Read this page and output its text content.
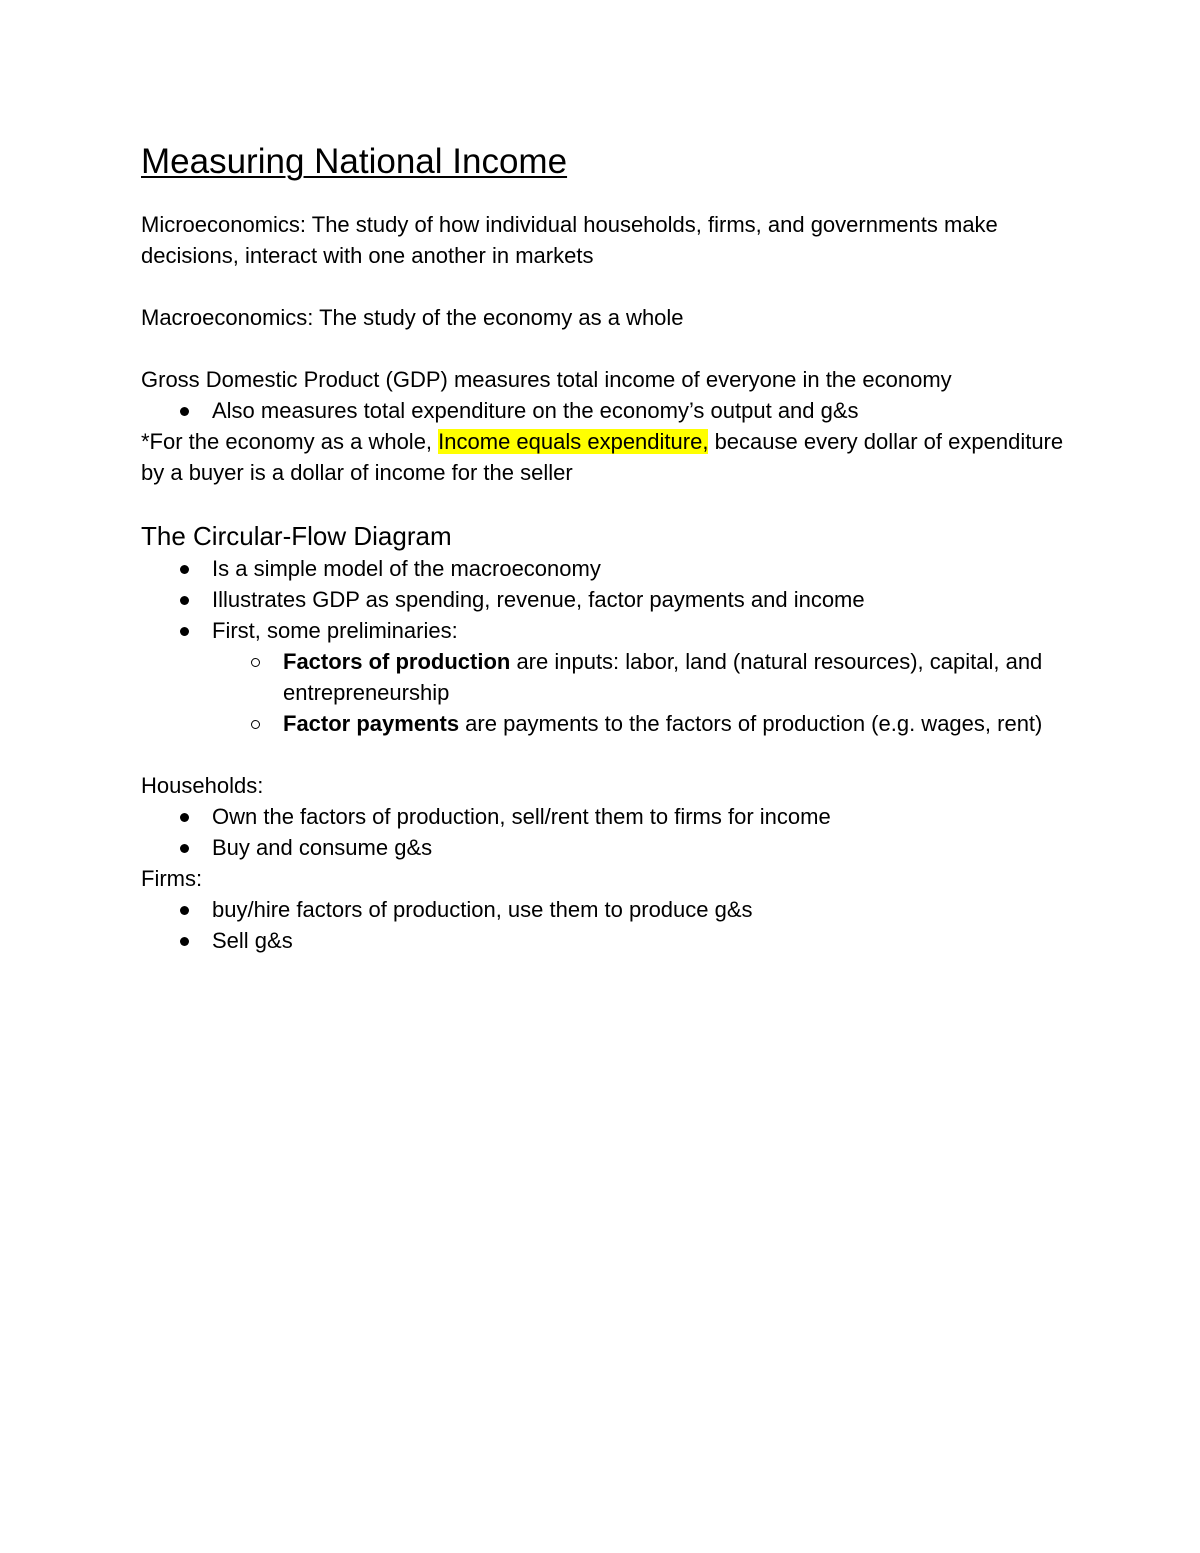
Measuring National Income

Microeconomics: The study of how individual households, firms, and governments make decisions, interact with one another in markets

Macroeconomics: The study of the economy as a whole

Gross Domestic Product (GDP) measures total income of everyone in the economy

Also measures total expenditure on the economy’s output and g&s

*For the economy as a whole, Income equals expenditure, because every dollar of expenditure by a buyer is a dollar of income for the seller

The Circular-Flow Diagram
Is a simple model of the macroeconomy
Illustrates GDP as spending, revenue, factor payments and income
First, some preliminaries:
Factors of production are inputs: labor, land (natural resources), capital, and entrepreneurship
Factor payments are payments to the factors of production (e.g. wages, rent)

Households:

Own the factors of production, sell/rent them to firms for income
Buy and consume g&s

Firms:

buy/hire factors of production, use them to produce g&s
Sell g&s
